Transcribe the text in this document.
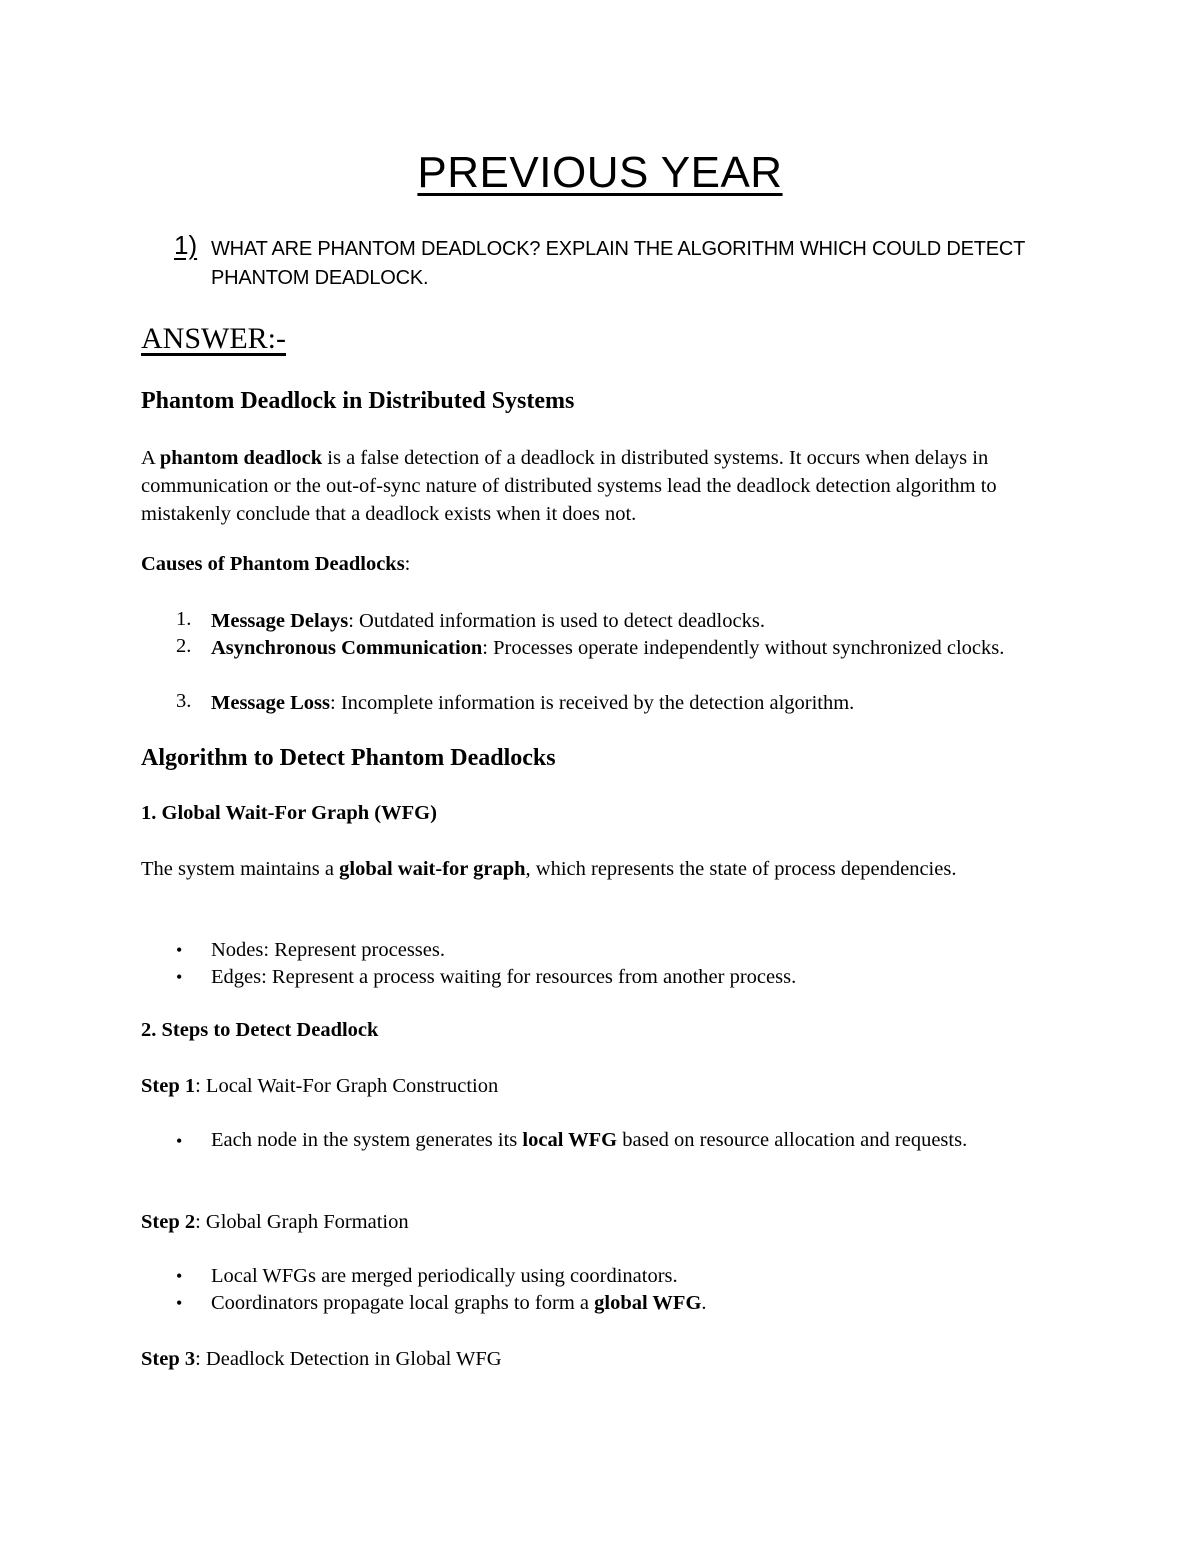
PREVIOUS YEAR
1) WHAT ARE PHANTOM DEADLOCK? EXPLAIN THE ALGORITHM WHICH COULD DETECT
PHANTOM DEADLOCK.
ANSWER:-
Phantom Deadlock in Distributed Systems
A phantom deadlock is a false detection of a deadlock in distributed systems. It occurs when delays in communication or the out-of-sync nature of distributed systems lead the deadlock detection algorithm to mistakenly conclude that a deadlock exists when it does not.
Causes of Phantom Deadlocks:
1. Message Delays: Outdated information is used to detect deadlocks.
2. Asynchronous Communication: Processes operate independently without synchronized clocks.
3. Message Loss: Incomplete information is received by the detection algorithm.
Algorithm to Detect Phantom Deadlocks
1. Global Wait-For Graph (WFG)
The system maintains a global wait-for graph, which represents the state of process dependencies.
• Nodes: Represent processes.
• Edges: Represent a process waiting for resources from another process.
2. Steps to Detect Deadlock
Step 1: Local Wait-For Graph Construction
• Each node in the system generates its local WFG based on resource allocation and requests.
Step 2: Global Graph Formation
• Local WFGs are merged periodically using coordinators.
• Coordinators propagate local graphs to form a global WFG.
Step 3: Deadlock Detection in Global WFG
